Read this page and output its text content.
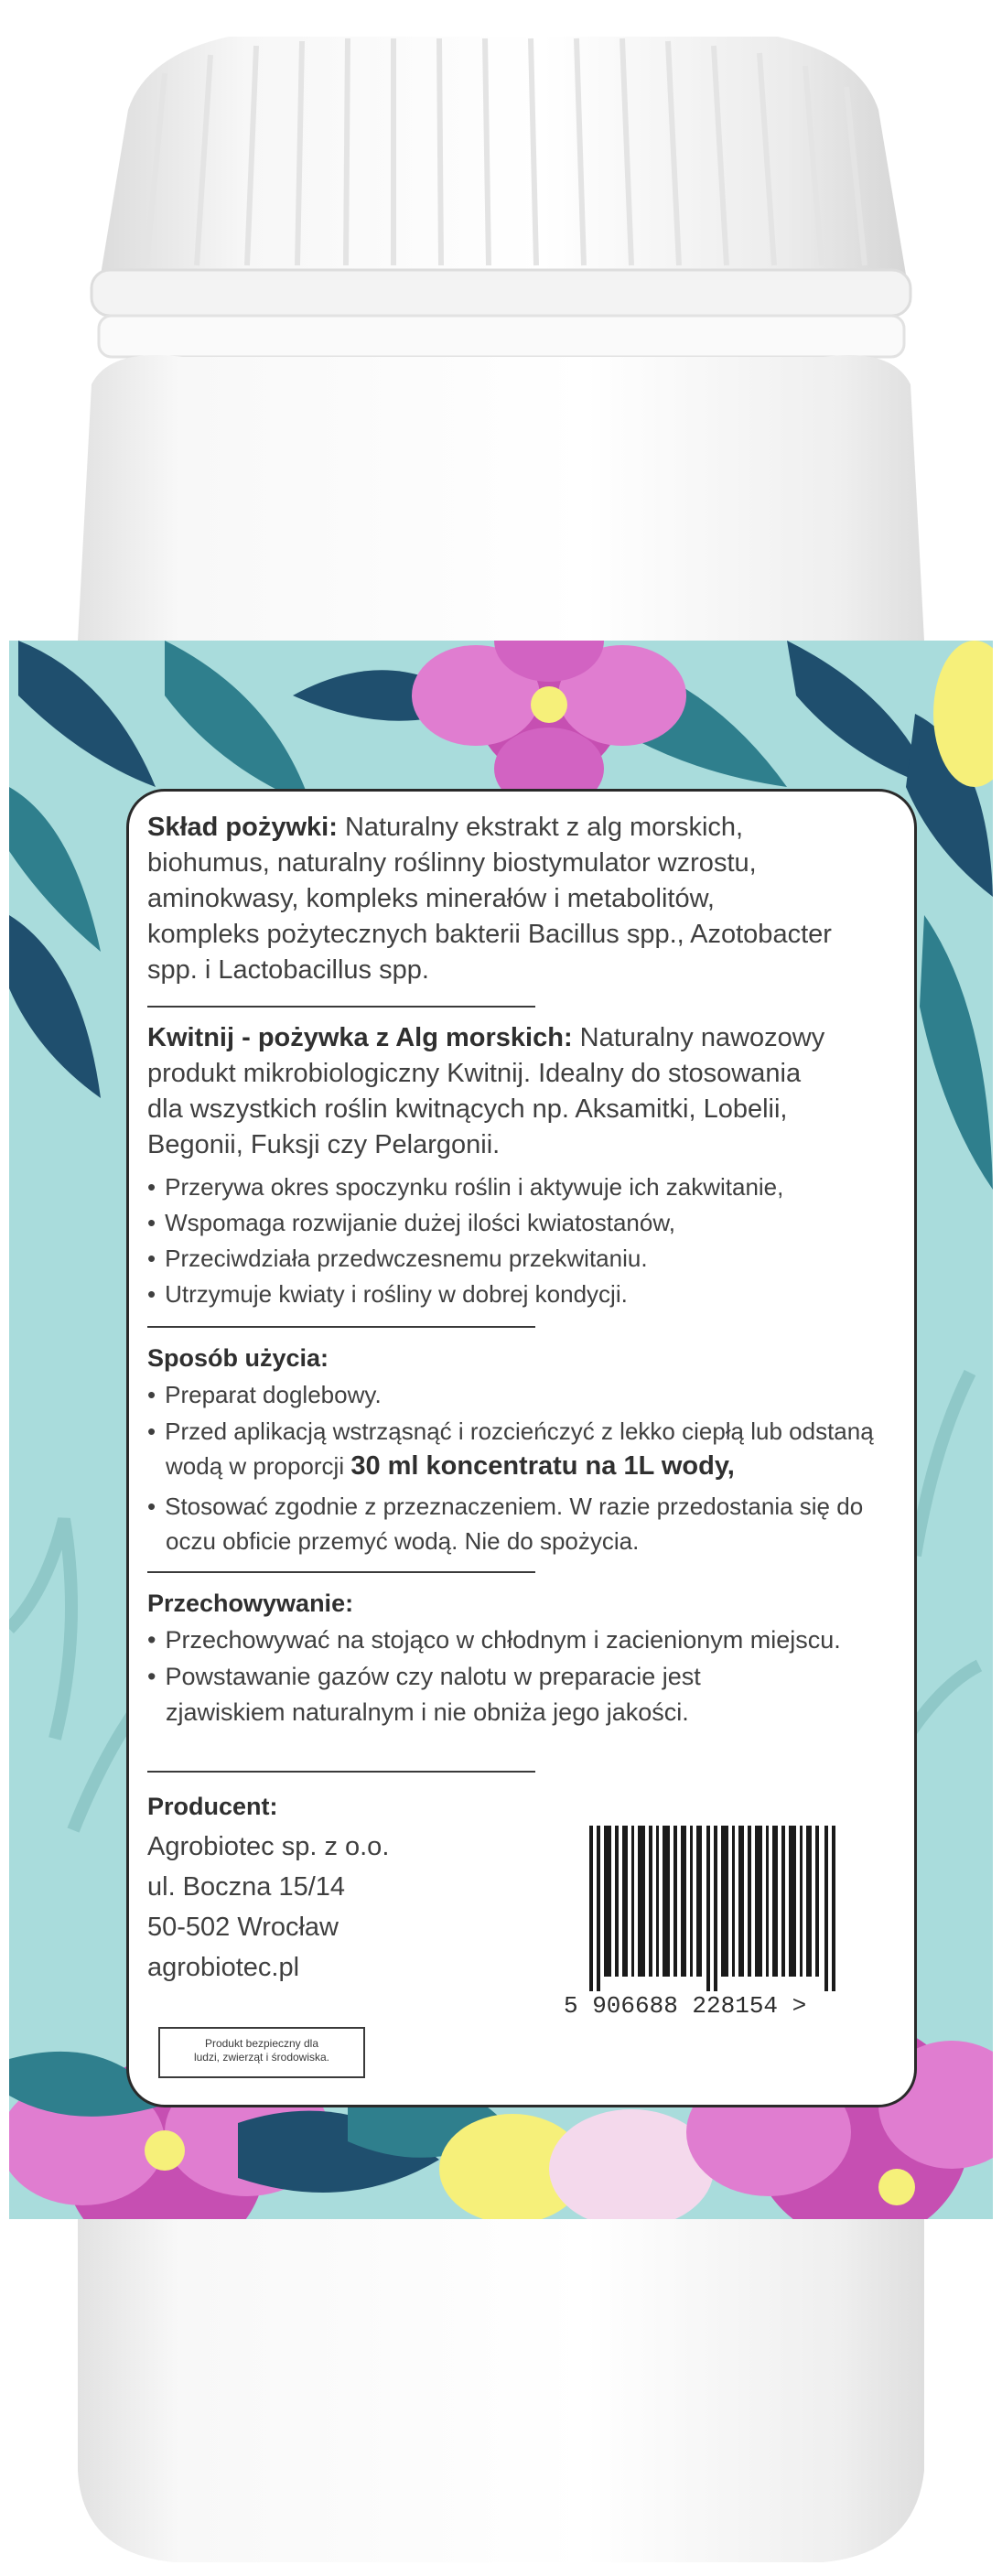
Skład pożywki: Naturalny ekstrakt z alg morskich,
biohumus, naturalny roślinny biostymulator wzrostu,
aminokwasy, kompleks minerałów i metabolitów,
kompleks pożytecznych bakterii Bacillus spp., Azotobacter
spp. i Lactobacillus spp.
Kwitnij - pożywka z Alg morskich: Naturalny nawozowy
produkt mikrobiologiczny Kwitnij. Idealny do stosowania
dla wszystkich roślin kwitnących np. Aksamitki, Lobelii,
Begonii, Fuksji czy Pelargonii.
• Przerywa okres spoczynku roślin i aktywuje ich zakwitanie,
• Wspomaga rozwijanie dużej ilości kwiatostanów,
• Przeciwdziała przedwczesnemu przekwitaniu.
• Utrzymuje kwiaty i rośliny w dobrej kondycji.
Sposób użycia:
• Preparat doglebowy.
• Przed aplikacją wstrząsnąć i rozcieńczyć z lekko ciepłą lub odstaną
wodą w proporcji 30 ml koncentratu na 1L wody,
• Stosować zgodnie z przeznaczeniem. W razie przedostania się do
oczu obficie przemyć wodą. Nie do spożycia.
Przechowywanie:
• Przechowywać na stojąco w chłodnym i zacienionym miejscu.
• Powstawanie gazów czy nalotu w preparacie jest
zjawiskiem naturalnym i nie obniża jego jakości.
Producent:
Agrobiotec sp. z o.o.
ul. Boczna 15/14
50-502 Wrocław
agrobiotec.pl
Produkt bezpieczny dla
ludzi, zwierząt i środowiska.
5 906688 228154 >
